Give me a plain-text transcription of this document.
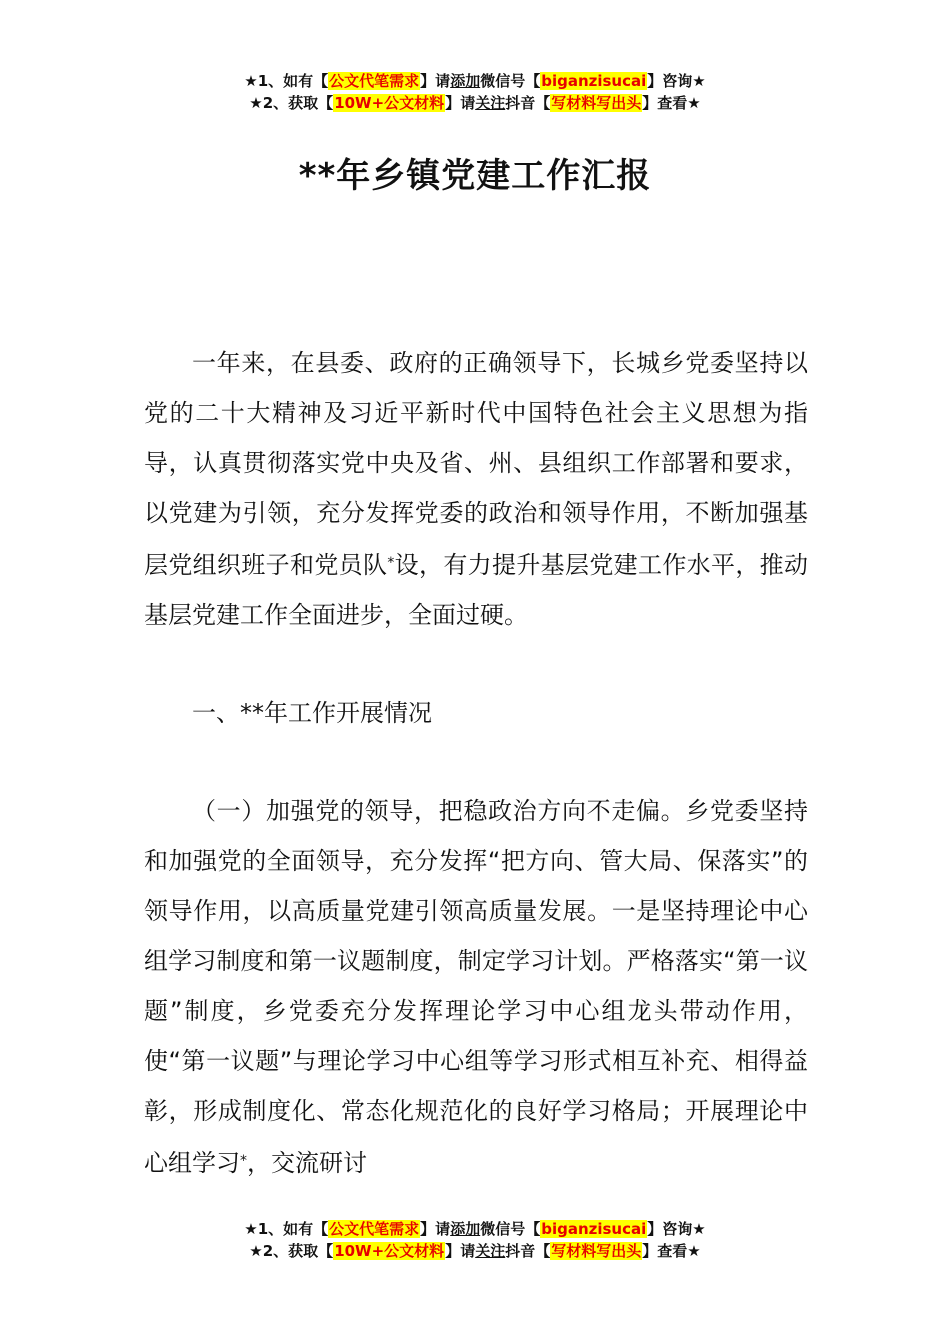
★1、如有【公文代笔需求】请添加微信号【biganzisucai】咨询★
★2、获取【10W+公文材料】请关注抖音【写材料写出头】查看★
**年乡镇党建工作汇报

一年来，在县委、政府的正确领导下，长城乡党委坚持以党的二十大精神及习近平新时代中国特色社会主义思想为指导，认真贯彻落实党中央及省、州、县组织工作部署和要求，以党建为引领，充分发挥党委的政治和领导作用，不断加强基层党组织班子和党员队*设，有力提升基层党建工作水平，推动基层党建工作全面进步，全面过硬。

一、**年工作开展情况

（一）加强党的领导，把稳政治方向不走偏。乡党委坚持和加强党的全面领导，充分发挥“把方向、管大局、保落实”的领导作用，以高质量党建引领高质量发展。一是坚持理论中心组学习制度和第一议题制度，制定学习计划。严格落实“第一议题”制度，乡党委充分发挥理论学习中心组龙头带动作用，使“第一议题”与理论学习中心组等学习形式相互补充、相得益彰，形成制度化、常态化规范化的良好学习格局；开展理论中心组学习*，交流研讨

★1、如有【公文代笔需求】请添加微信号【biganzisucai】咨询★
★2、获取【10W+公文材料】请关注抖音【写材料写出头】查看★
